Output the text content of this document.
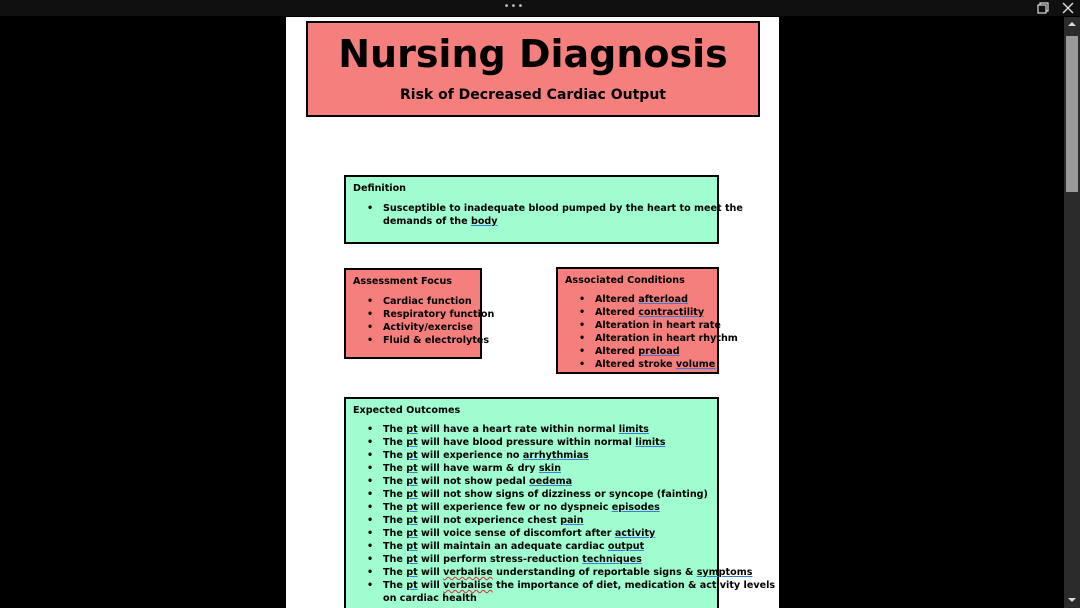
•••
Nursing Diagnosis
Risk of Decreased Cardiac Output
Definition
• Susceptible to inadequate blood pumped by the heart to meet the
demands of the body
Assessment Focus
• Cardiac function
• Respiratory function
• Activity/exercise
• Fluid & electrolytes
Associated Conditions
• Altered afterload
• Altered contractility
• Alteration in heart rate
• Alteration in heart rhythm
• Altered preload
• Altered stroke volume
Expected Outcomes
• The pt will have a heart rate within normal limits
• The pt will have blood pressure within normal limits
• The pt will experience no arrhythmias
• The pt will have warm & dry skin
• The pt will not show pedal oedema
• The pt will not show signs of dizziness or syncope (fainting)
• The pt will experience few or no dyspneic episodes
• The pt will not experience chest pain
• The pt will voice sense of discomfort after activity
• The pt will maintain an adequate cardiac output
• The pt will perform stress-reduction techniques
• The pt will verbalise understanding of reportable signs & symptoms
• The pt will verbalise the importance of diet, medication & activity levels
on cardiac health
